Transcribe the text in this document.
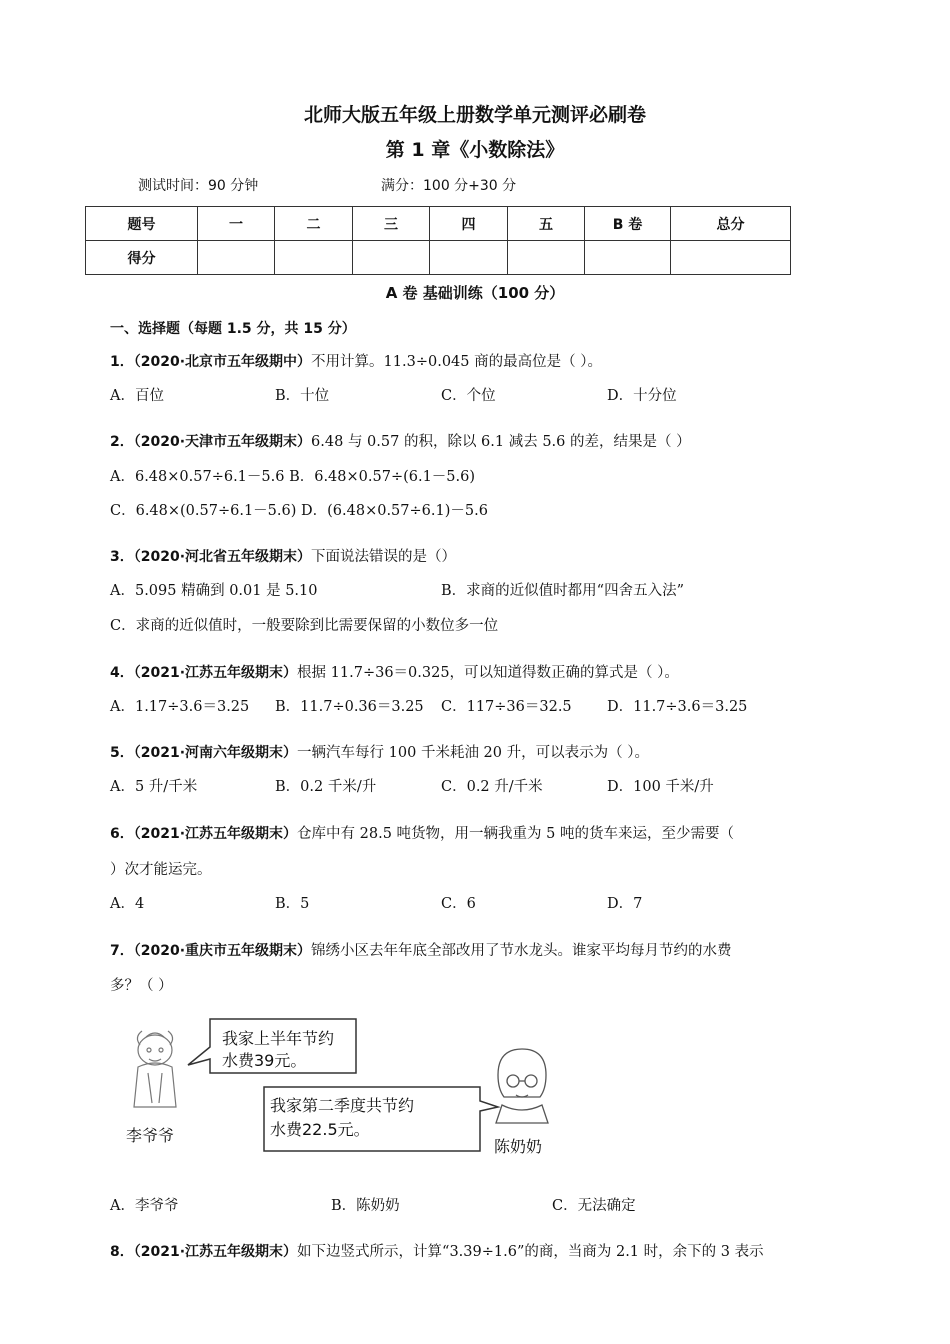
北师大版五年级上册数学单元测评必刷卷
第 1 章《小数除法》
测试时间：90 分钟	满分：100 分+30 分
题号	一	二	三	四	五	B 卷	总分
得分							
A 卷 基础训练（100 分）
一、选择题（每题 1.5 分，共 15 分）
1．（2020·北京市五年级期中）不用计算。11.3÷0.045 商的最高位是（ ）。
A．百位	B．十位	C．个位	D．十分位
2．（2020·天津市五年级期末）6.48 与 0.57 的积，除以 6.1 减去 5.6 的差，结果是（ ）
A．6.48×0.57÷6.1－5.6 B．6.48×0.57÷(6.1－5.6)
C．6.48×(0.57÷6.1－5.6) D．(6.48×0.57÷6.1)－5.6
3．（2020·河北省五年级期末）下面说法错误的是（）
A．5.095 精确到 0.01 是 5.10	B．求商的近似值时都用“四舍五入法”
C．求商的近似值时，一般要除到比需要保留的小数位多一位
4．（2021·江苏五年级期末）根据 11.7÷36＝0.325，可以知道得数正确的算式是（ ）。
A．1.17÷3.6＝3.25 B．11.7÷0.36＝3.25 C．117÷36＝32.5 D．11.7÷3.6＝3.25
5．（2021·河南六年级期末）一辆汽车每行 100 千米耗油 20 升，可以表示为（ ）。
A．5 升/千米	B．0.2 千米/升	C．0.2 升/千米	D．100 千米/升
6．（2021·江苏五年级期末）仓库中有 28.5 吨货物，用一辆我重为 5 吨的货车来运，至少需要（
）次才能运完。
A．4	B．5	C．6	D．7
7．（2020·重庆市五年级期末）锦绣小区去年年底全部改用了节水龙头。谁家平均每月节约的水费
多？（ ）
我家上半年节约
水费39元。
我家第二季度共节约
水费22.5元。
李爷爷
陈奶奶
A．李爷爷	B．陈奶奶	C．无法确定
8．（2021·江苏五年级期末）如下边竖式所示，计算“3.39÷1.6”的商，当商为 2.1 时，余下的 3 表示
